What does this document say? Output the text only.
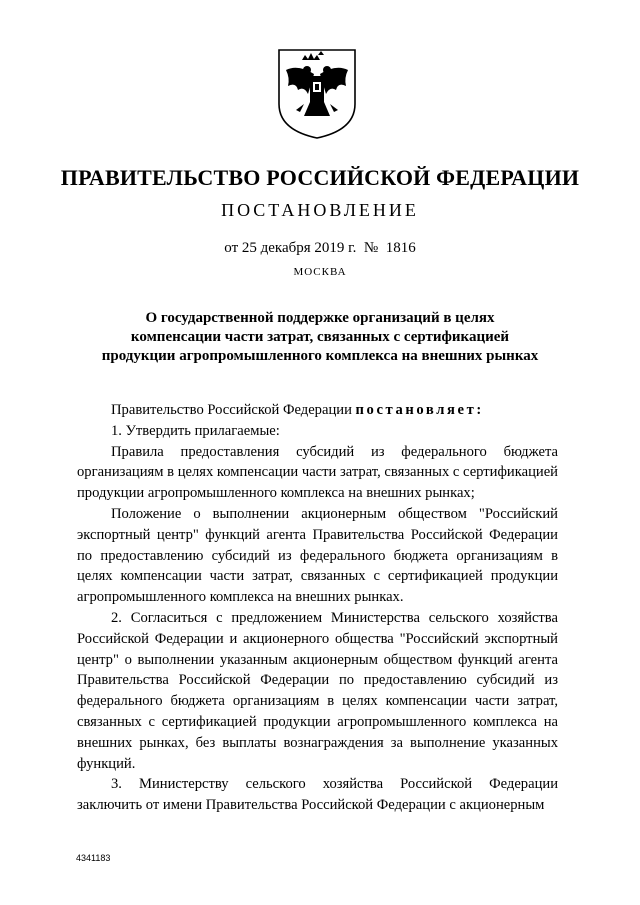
ПРАВИТЕЛЬСТВО РОССИЙСКОЙ ФЕДЕРАЦИИ
ПОСТАНОВЛЕНИЕ
от 25 декабря 2019 г.  №  1816
МОСКВА
О государственной поддержке организаций в целях
компенсации части затрат, связанных с сертификацией
продукции агропромышленного комплекса на внешних рынках

Правительство Российской Федерации постановляет:

1. Утвердить прилагаемые:

Правила предоставления субсидий из федерального бюджета организациям в целях компенсации части затрат, связанных с сертификацией продукции агропромышленного комплекса на внешних рынках;

Положение о выполнении акционерным обществом "Российский экспортный центр" функций агента Правительства Российской Федерации по предоставлению субсидий из федерального бюджета организациям в целях компенсации части затрат, связанных с сертификацией продукции агропромышленного комплекса на внешних рынках.

2. Согласиться с предложением Министерства сельского хозяйства Российской Федерации и акционерного общества "Российский экспортный центр" о выполнении указанным акционерным обществом функций агента Правительства Российской Федерации по предоставлению субсидий из федерального бюджета организациям в целях компенсации части затрат, связанных с сертификацией продукции агропромышленного комплекса на внешних рынках, без выплаты вознаграждения за выполнение указанных функций.

3. Министерству сельского хозяйства Российской Федерации заключить от имени Правительства Российской Федерации с акционерным

4341183
